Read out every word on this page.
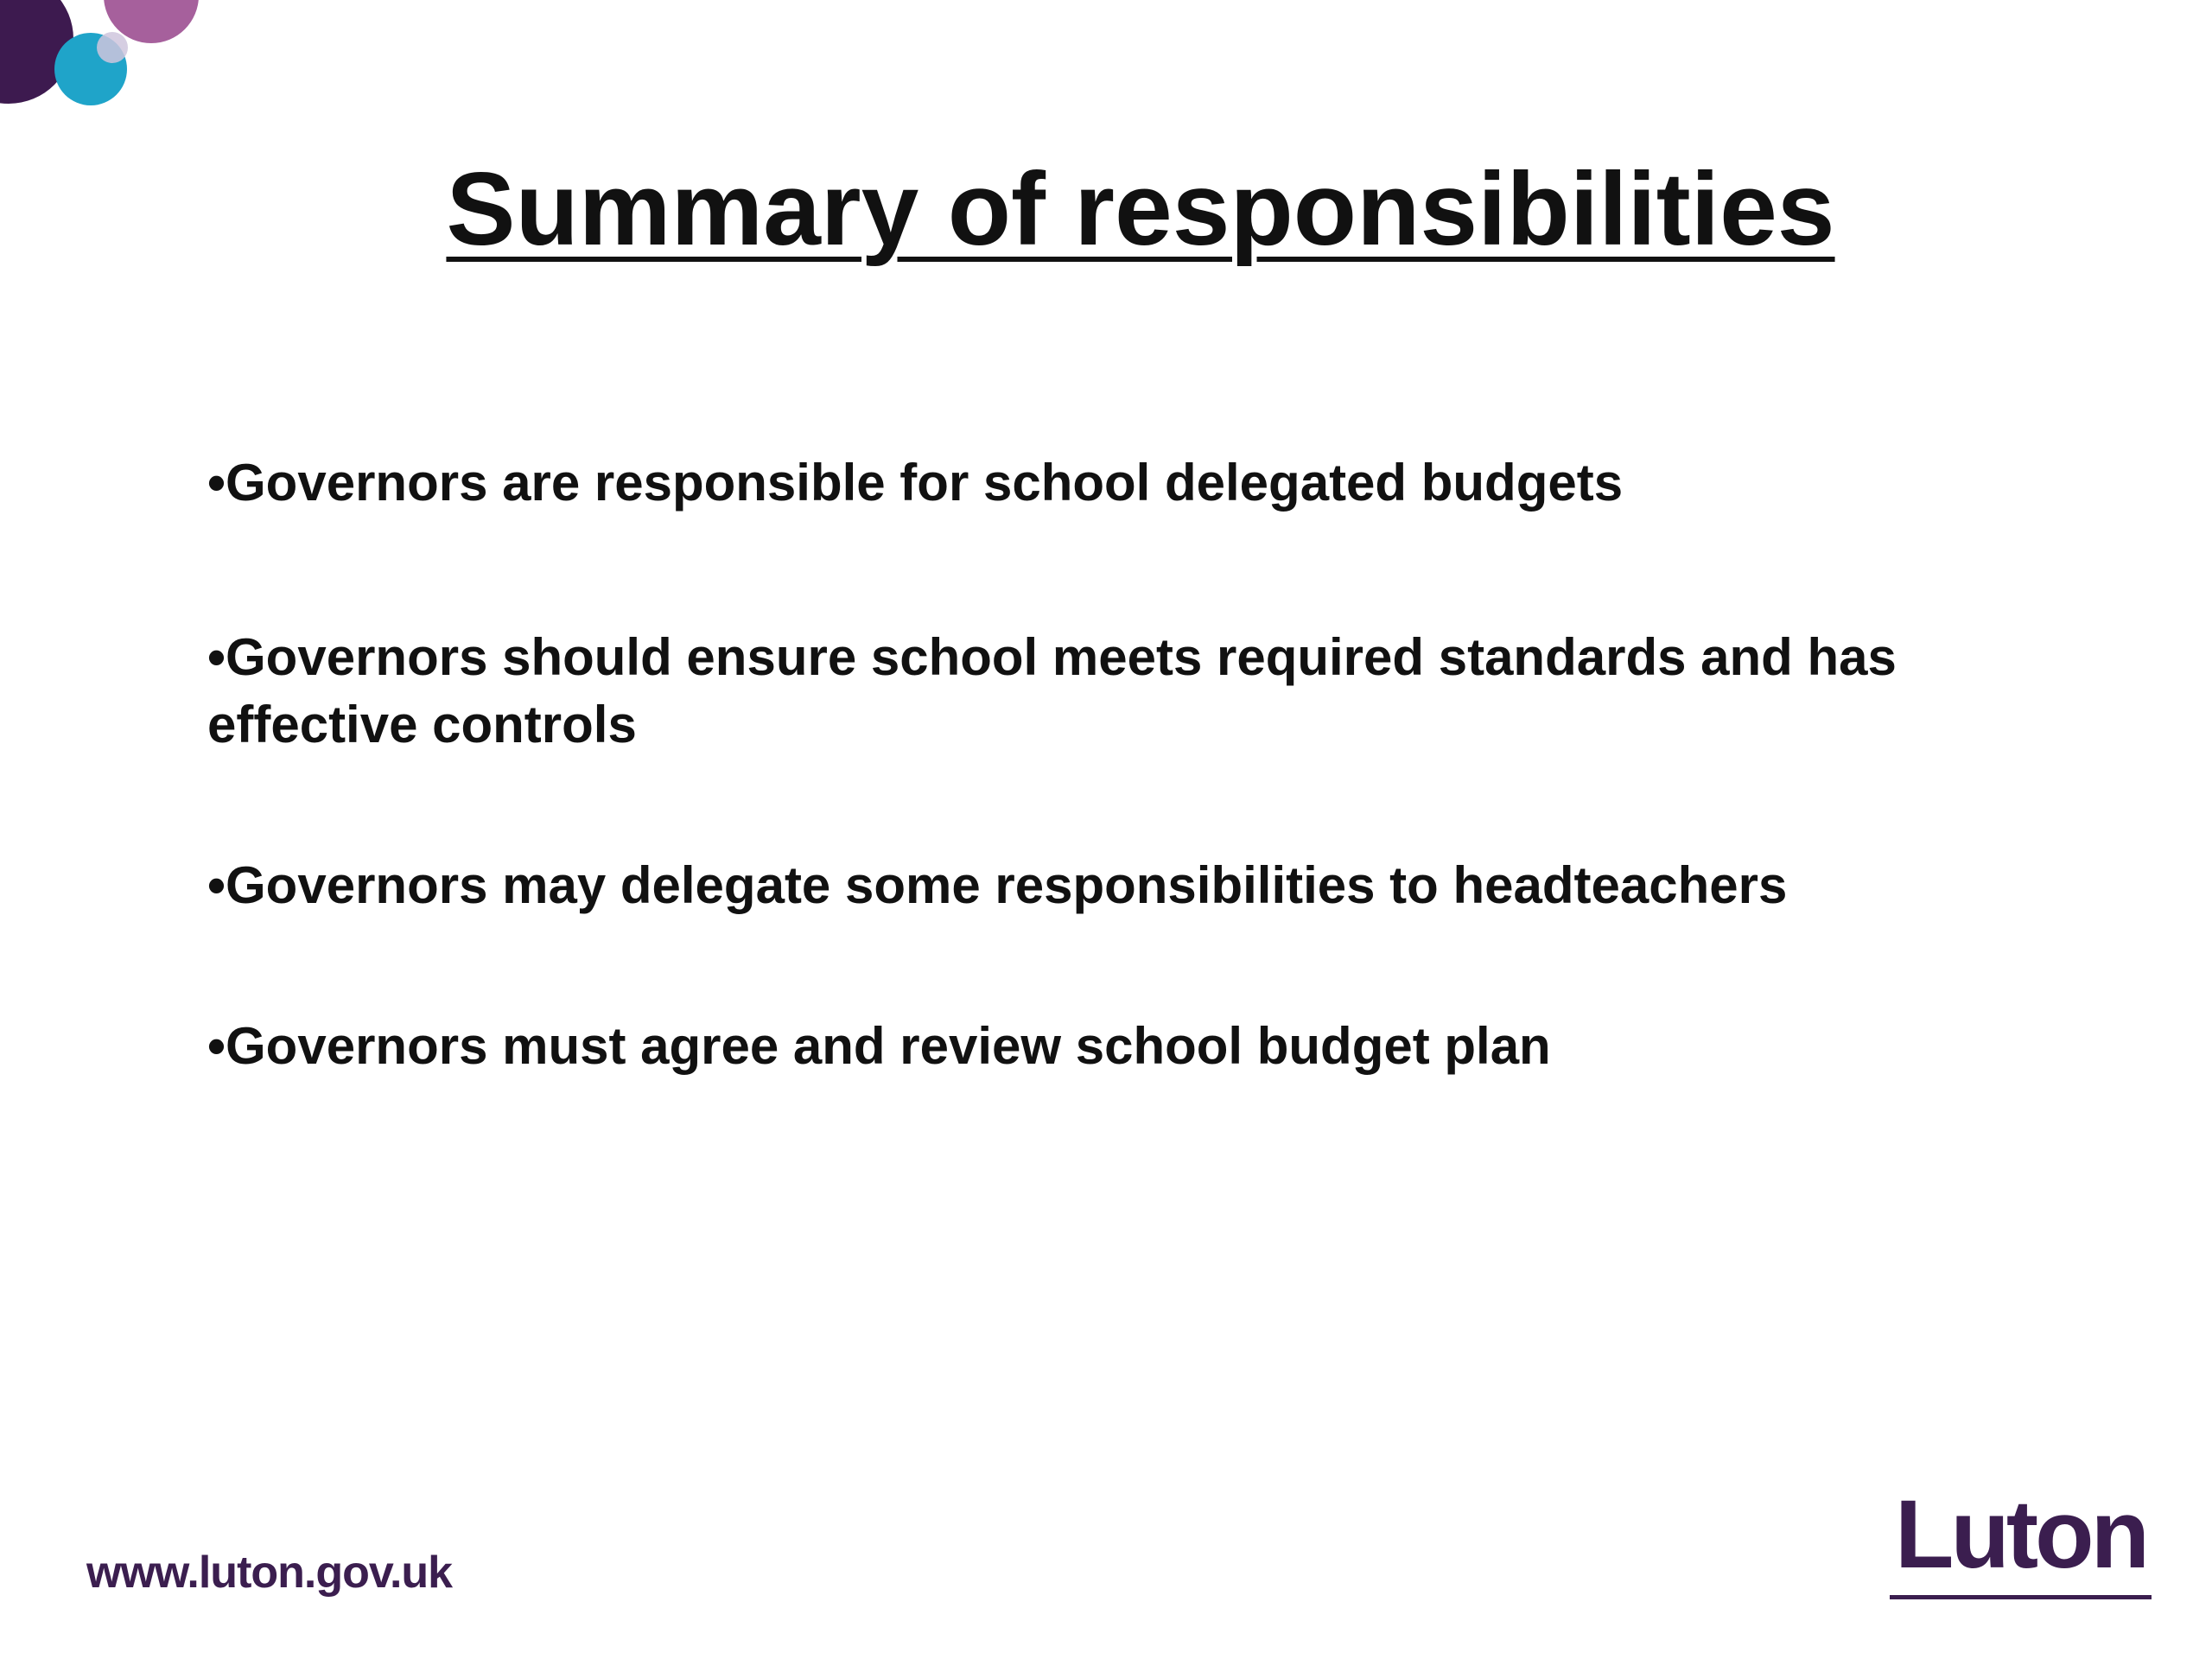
Summary of responsibilities
•Governors are responsible for school delegated budgets
•Governors should ensure school meets required standards and has effective controls
•Governors may delegate some responsibilities to headteachers
•Governors must agree and review school budget plan
www.luton.gov.uk	Luton
